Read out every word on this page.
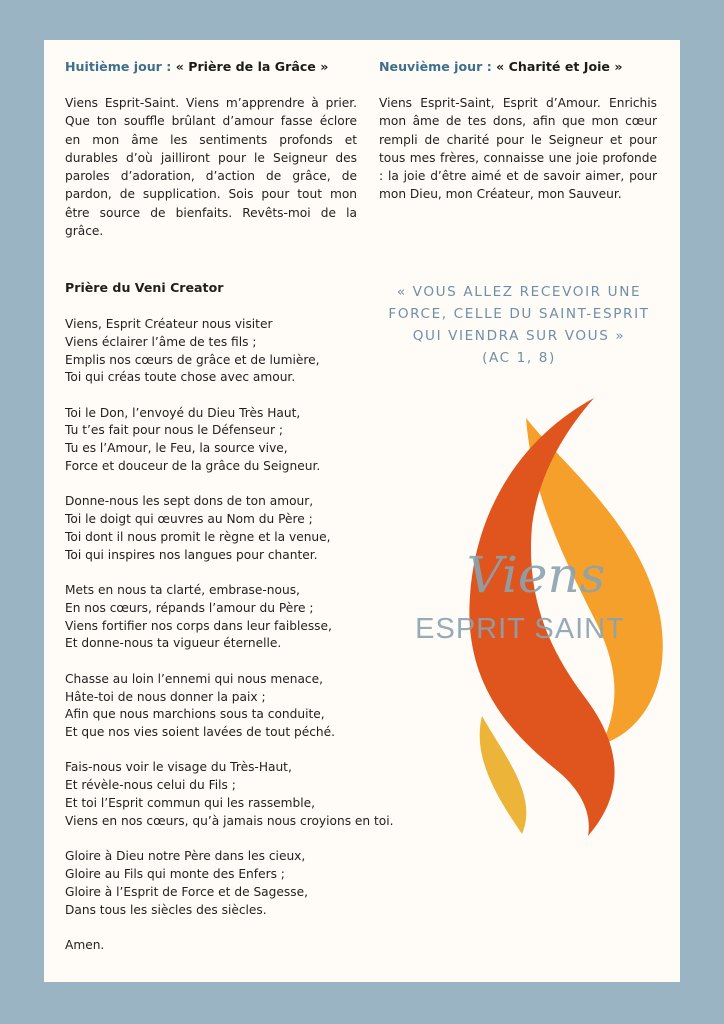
Huitième jour : « Prière de la Grâce »

Viens Esprit-Saint. Viens m’apprendre à prier. Que ton souffle brûlant d’amour fasse éclore en mon âme les sentiments profonds et durables d’où jailliront pour le Seigneur des paroles d’adoration, d’action de grâce, de pardon, de supplication. Sois pour tout mon être source de bienfaits. Revêts-moi de la grâce.

Neuvième jour : « Charité et Joie »

Viens Esprit-Saint, Esprit d’Amour. Enrichis mon âme de tes dons, afin que mon cœur rempli de charité pour le Seigneur et pour tous mes frères, connaisse une joie profonde : la joie d’être aimé et de savoir aimer, pour mon Dieu, mon Créateur, mon Sauveur.

Prière du Veni Creator

Viens, Esprit Créateur nous visiter
Viens éclairer l’âme de tes fils ;
Emplis nos cœurs de grâce et de lumière,
Toi qui créas toute chose avec amour.
Toi le Don, l’envoyé du Dieu Très Haut,
Tu t’es fait pour nous le Défenseur ;
Tu es l’Amour, le Feu, la source vive,
Force et douceur de la grâce du Seigneur.
Donne-nous les sept dons de ton amour,
Toi le doigt qui œuvres au Nom du Père ;
Toi dont il nous promit le règne et la venue,
Toi qui inspires nos langues pour chanter.
Mets en nous ta clarté, embrase-nous,
En nos cœurs, répands l’amour du Père ;
Viens fortifier nos corps dans leur faiblesse,
Et donne-nous ta vigueur éternelle.
Chasse au loin l’ennemi qui nous menace,
Hâte-toi de nous donner la paix ;
Afin que nous marchions sous ta conduite,
Et que nos vies soient lavées de tout péché.
Fais-nous voir le visage du Très-Haut,
Et révèle-nous celui du Fils ;
Et toi l’Esprit commun qui les rassemble,
Viens en nos cœurs, qu’à jamais nous croyions en toi.
Gloire à Dieu notre Père dans les cieux,
Gloire au Fils qui monte des Enfers ;
Gloire à l’Esprit de Force et de Sagesse,
Dans tous les siècles des siècles.
Amen.
« VOUS ALLEZ RECEVOIR UNE
FORCE, CELLE DU SAINT-ESPRIT
QUI VIENDRA SUR VOUS »
(AC 1, 8)
Viens
ESPRIT SAINT
